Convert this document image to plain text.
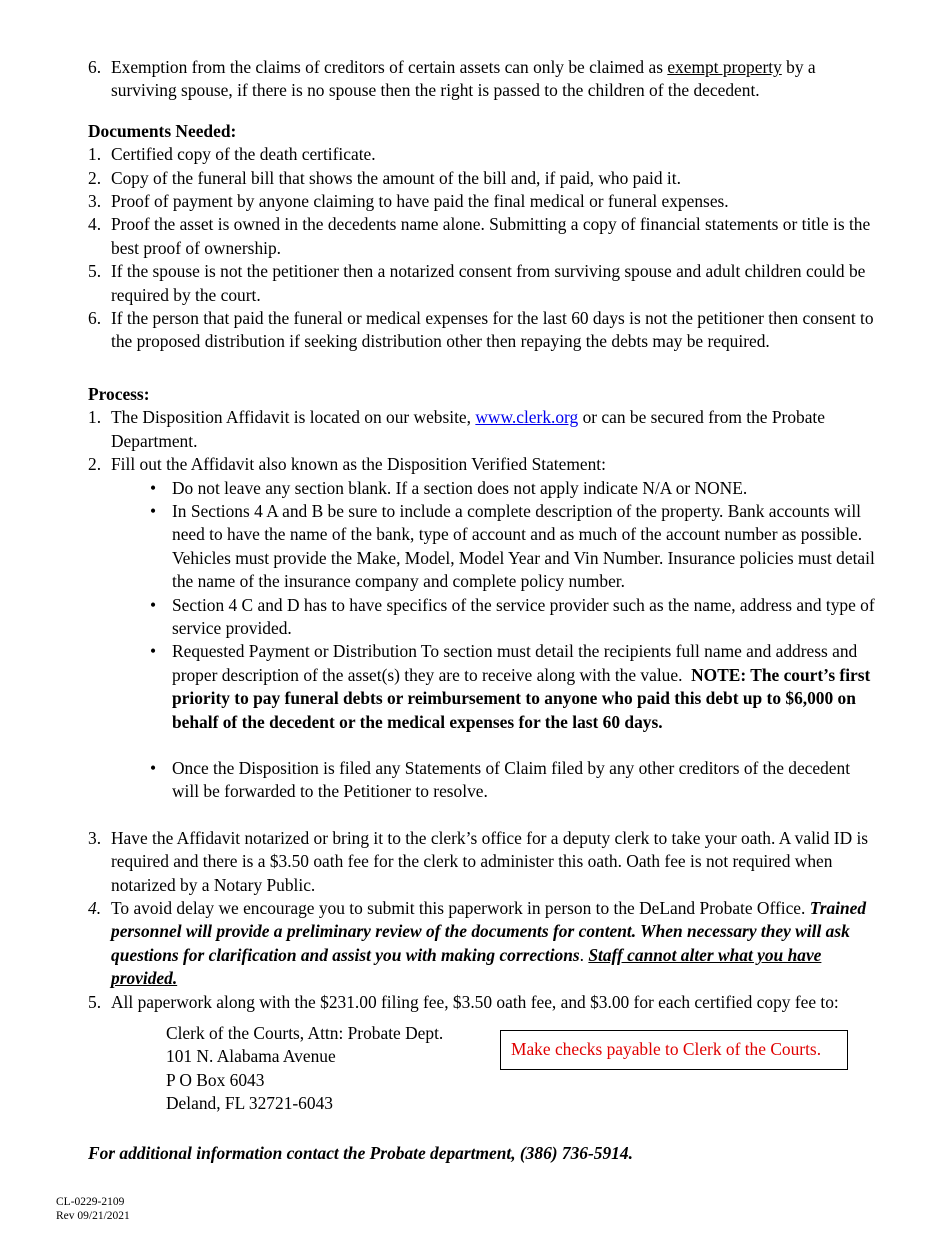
6. Exemption from the claims of creditors of certain assets can only be claimed as exempt property by a surviving spouse, if there is no spouse then the right is passed to the children of the decedent.
Documents Needed:
1. Certified copy of the death certificate.
2. Copy of the funeral bill that shows the amount of the bill and, if paid, who paid it.
3. Proof of payment by anyone claiming to have paid the final medical or funeral expenses.
4. Proof the asset is owned in the decedents name alone. Submitting a copy of financial statements or title is the best proof of ownership.
5. If the spouse is not the petitioner then a notarized consent from surviving spouse and adult children could be required by the court.
6. If the person that paid the funeral or medical expenses for the last 60 days is not the petitioner then consent to the proposed distribution if seeking distribution other then repaying the debts may be required.
Process:
1. The Disposition Affidavit is located on our website, www.clerk.org or can be secured from the Probate Department.
2. Fill out the Affidavit also known as the Disposition Verified Statement:
• Do not leave any section blank. If a section does not apply indicate N/A or NONE.
• In Sections 4 A and B be sure to include a complete description of the property. Bank accounts will need to have the name of the bank, type of account and as much of the account number as possible. Vehicles must provide the Make, Model, Model Year and Vin Number. Insurance policies must detail the name of the insurance company and complete policy number.
• Section 4 C and D has to have specifics of the service provider such as the name, address and type of service provided.
• Requested Payment or Distribution To section must detail the recipients full name and address and proper description of the asset(s) they are to receive along with the value. NOTE: The court’s first priority to pay funeral debts or reimbursement to anyone who paid this debt up to $6,000 on behalf of the decedent or the medical expenses for the last 60 days.
• Once the Disposition is filed any Statements of Claim filed by any other creditors of the decedent will be forwarded to the Petitioner to resolve.
3. Have the Affidavit notarized or bring it to the clerk’s office for a deputy clerk to take your oath. A valid ID is required and there is a $3.50 oath fee for the clerk to administer this oath. Oath fee is not required when notarized by a Notary Public.
4. To avoid delay we encourage you to submit this paperwork in person to the DeLand Probate Office. Trained personnel will provide a preliminary review of the documents for content. When necessary they will ask questions for clarification and assist you with making corrections. Staff cannot alter what you have provided.
5. All paperwork along with the $231.00 filing fee, $3.50 oath fee, and $3.00 for each certified copy fee to:
Clerk of the Courts, Attn: Probate Dept.
101 N. Alabama Avenue
P O Box 6043
Deland, FL 32721-6043
Make checks payable to Clerk of the Courts.
For additional information contact the Probate department, (386) 736-5914.
CL-0229-2109
Rev 09/21/2021
